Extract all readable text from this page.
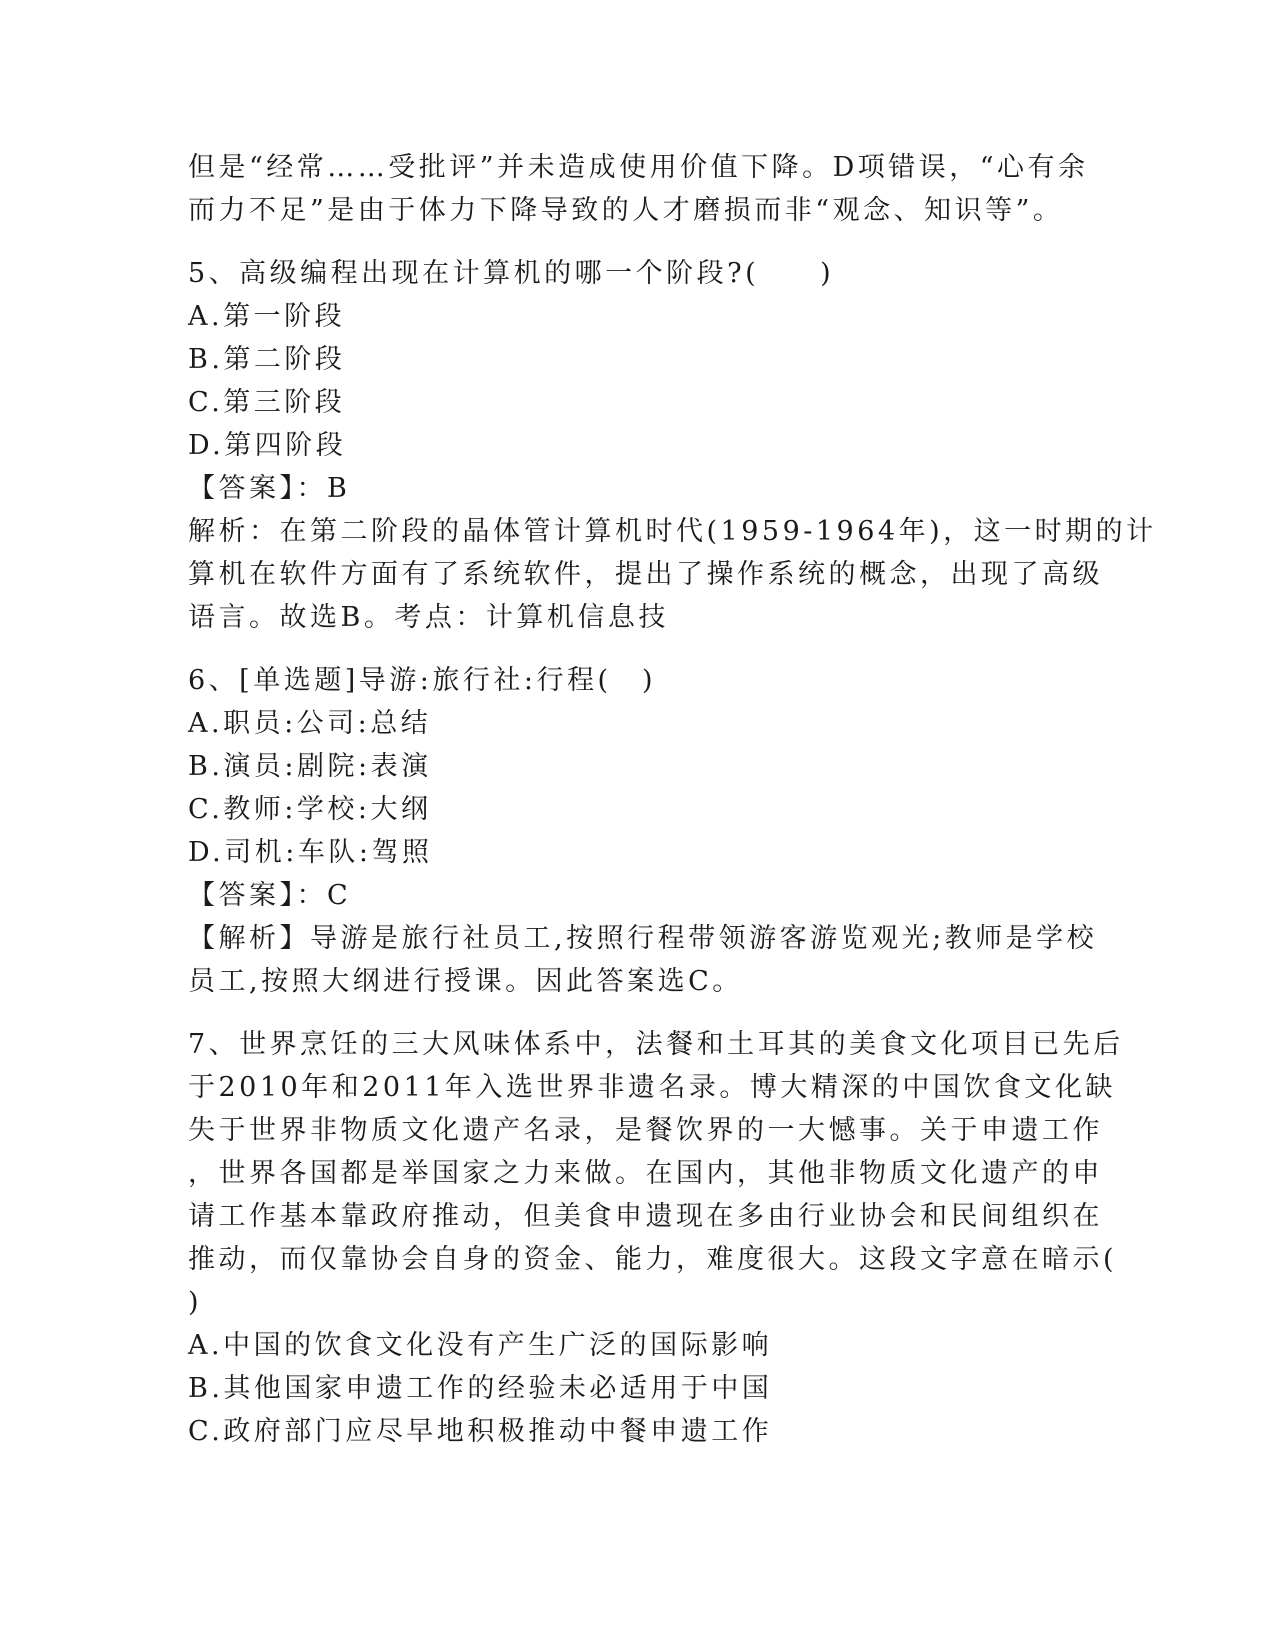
但是“经常……受批评”并未造成使用价值下降。D项错误，“心有余
而力不足”是由于体力下降导致的人才磨损而非“观念、知识等”。
5、高级编程出现在计算机的哪一个阶段?(　　)
A.第一阶段
B.第二阶段
C.第三阶段
D.第四阶段
【答案】：B
解析：在第二阶段的晶体管计算机时代(1959-1964年)，这一时期的计
算机在软件方面有了系统软件，提出了操作系统的概念，出现了高级
语言。故选B。考点：计算机信息技
6、[单选题]导游:旅行社:行程(　)
A.职员:公司:总结
B.演员:剧院:表演
C.教师:学校:大纲
D.司机:车队:驾照
【答案】：C
【解析】导游是旅行社员工,按照行程带领游客游览观光;教师是学校
员工,按照大纲进行授课。因此答案选C。
7、世界烹饪的三大风味体系中，法餐和土耳其的美食文化项目已先后
于2010年和2011年入选世界非遗名录。博大精深的中国饮食文化缺
失于世界非物质文化遗产名录，是餐饮界的一大憾事。关于申遗工作
，世界各国都是举国家之力来做。在国内，其他非物质文化遗产的申
请工作基本靠政府推动，但美食申遗现在多由行业协会和民间组织在
推动，而仅靠协会自身的资金、能力，难度很大。这段文字意在暗示(
)
A.中国的饮食文化没有产生广泛的国际影响
B.其他国家申遗工作的经验未必适用于中国
C.政府部门应尽早地积极推动中餐申遗工作
